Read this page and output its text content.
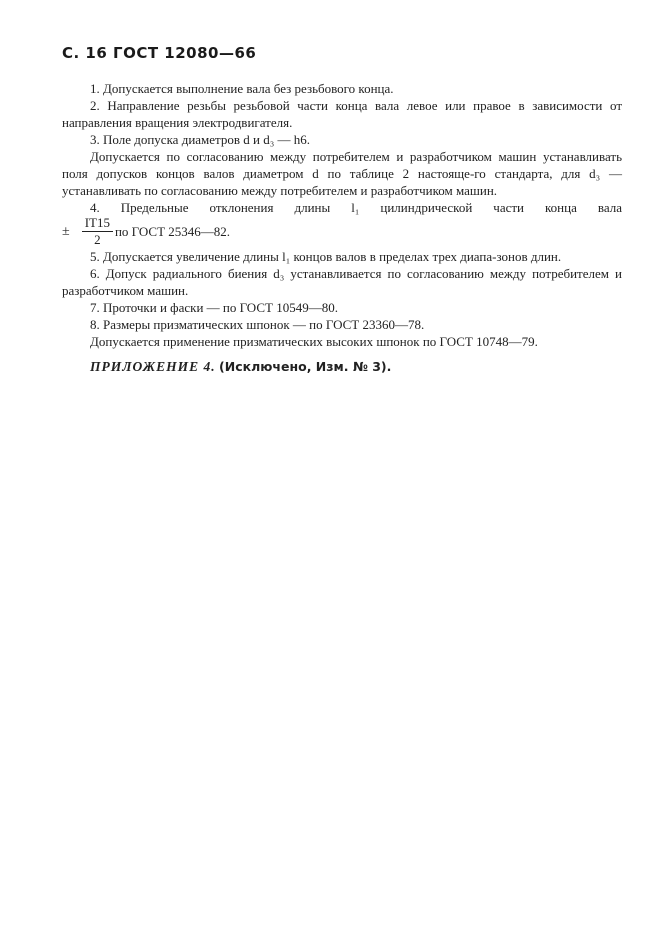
С. 16 ГОСТ 12080—66

1. Допускается выполнение вала без резьбового конца.

2. Направление резьбы резьбовой части конца вала левое или правое в зависимости от направления вращения электродвигателя.

3. Поле допуска диаметров d и d₃ — h6.

Допускается по согласованию между потребителем и разработчиком машин устанавливать поля допусков концов валов диаметром d по таблице 2 настояще-го стандарта, для d₃ — устанавливать по согласованию между потребителем и разработчиком машин.

4. Предельные отклонения длины l₁ цилиндрической части конца вала

± $\frac{IT15}{2}$ по ГОСТ 25346—82.

5. Допускается увеличение длины l₁ концов валов в пределах трех диапа-зонов длин.

6. Допуск радиального биения d₃ устанавливается по согласованию между потребителем и разработчиком машин.

7. Проточки и фаски — по ГОСТ 10549—80.

8. Размеры призматических шпонок — по ГОСТ 23360—78.

Допускается применение призматических высоких шпонок по ГОСТ 10748—79.

ПРИЛОЖЕНИЕ 4. (Исключено, Изм. № 3).
